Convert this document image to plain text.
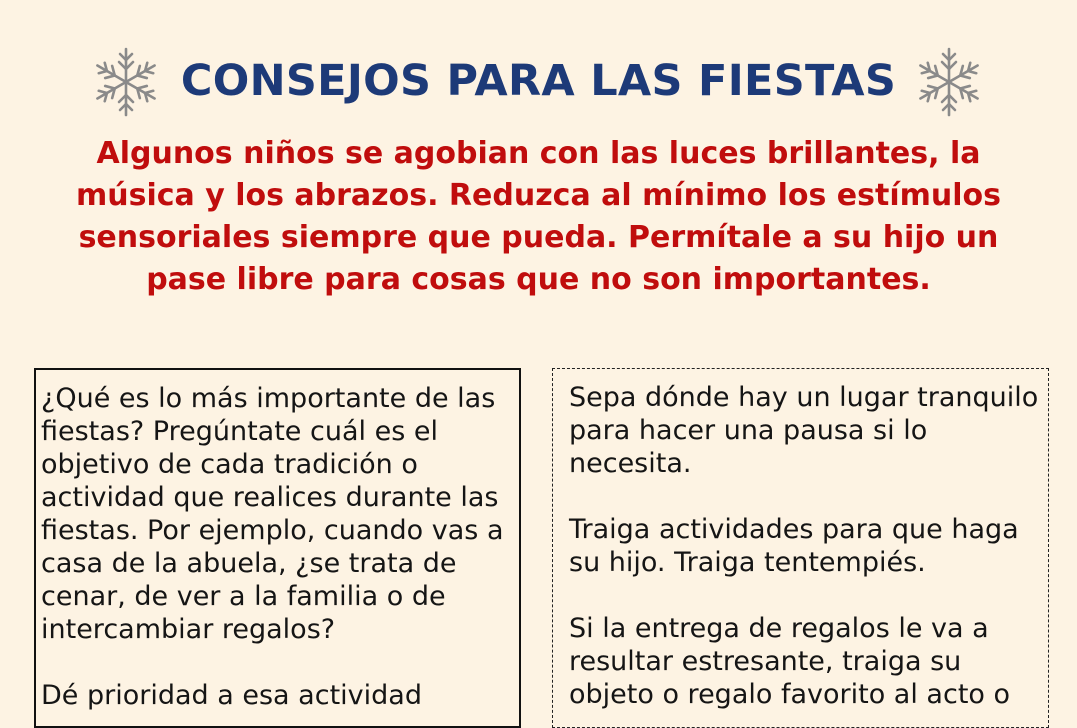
CONSEJOS PARA LAS FIESTAS

Algunos niños se agobian con las luces brillantes, la música y los abrazos. Reduzca al mínimo los estímulos sensoriales siempre que pueda. Permítale a su hijo un pase libre para cosas que no son importantes.

¿Qué es lo más importante de las fiestas? Pregúntate cuál es el objetivo de cada tradición o actividad que realices durante las fiestas. Por ejemplo, cuando vas a casa de la abuela, ¿se trata de cenar, de ver a la familia o de intercambiar regalos?

Dé prioridad a esa actividad

Sepa dónde hay un lugar tranquilo para hacer una pausa si lo necesita.

Traiga actividades para que haga su hijo. Traiga tentempiés.

Si la entrega de regalos le va a resultar estresante, traiga su objeto o regalo favorito al acto o
